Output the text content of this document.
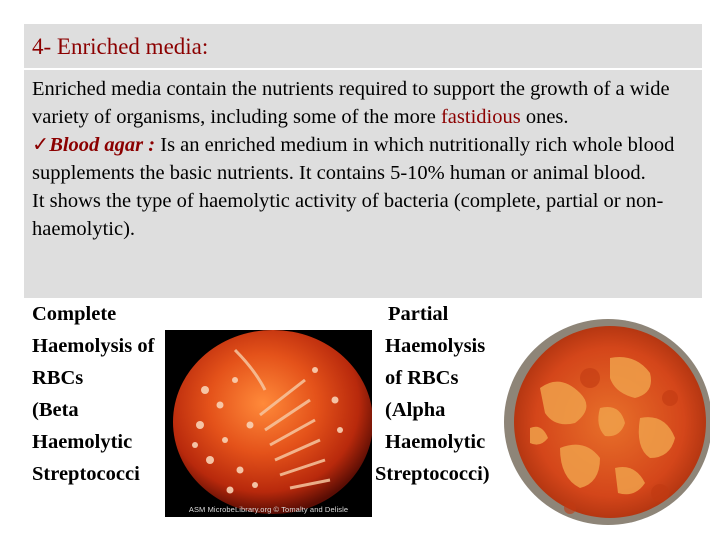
4- Enriched media:

Enriched media contain the nutrients required to support the growth of a wide variety of organisms, including some of the more fastidious ones.

✓Blood agar : Is an enriched medium in which nutritionally rich whole blood supplements the basic nutrients. It contains 5-10% human or animal blood.

It shows the type of haemolytic activity of bacteria (complete, partial or non- haemolytic).

Complete
Haemolysis of
RBCs
(Beta
Haemolytic
Streptococci
Partial
Haemolysis
of RBCs
(Alpha
Haemolytic
Streptococci)
ASM MicrobeLibrary.org © Tomalty and Delisle
